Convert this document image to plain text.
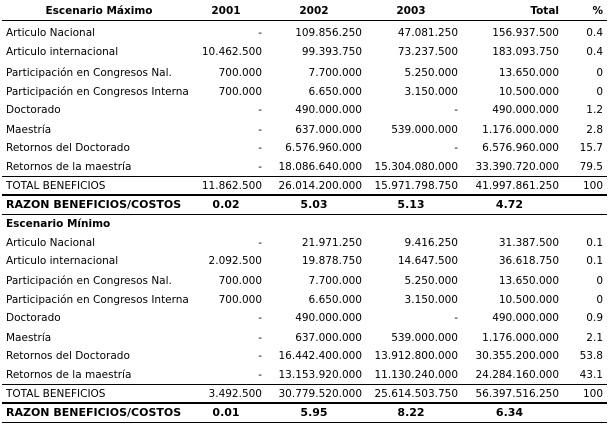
Escenario Máximo	2001	2002	2003	Total	%
Articulo Nacional	-	109.856.250	47.081.250	156.937.500	0.4
Articulo internacional	10.462.500	99.393.750	73.237.500	183.093.750	0.4
Participación en Congresos Nal.	700.000	7.700.000	5.250.000	13.650.000	0
Participación en Congresos Interna	700.000	6.650.000	3.150.000	10.500.000	0
Doctorado	-	490.000.000	-	490.000.000	1.2
Maestría	-	637.000.000	539.000.000	1.176.000.000	2.8
Retornos del Doctorado	-	6.576.960.000	-	6.576.960.000	15.7
Retornos de la maestría	-	18.086.640.000	15.304.080.000	33.390.720.000	79.5
TOTAL BENEFICIOS	11.862.500	26.014.200.000	15.971.798.750	41.997.861.250	100
RAZON BENEFICIOS/COSTOS	0.02	5.03	5.13	4.72
Escenario Mínimo
Articulo Nacional	-	21.971.250	9.416.250	31.387.500	0.1
Articulo internacional	2.092.500	19.878.750	14.647.500	36.618.750	0.1
Participación en Congresos Nal.	700.000	7.700.000	5.250.000	13.650.000	0
Participación en Congresos Interna	700.000	6.650.000	3.150.000	10.500.000	0
Doctorado	-	490.000.000	-	490.000.000	0.9
Maestría	-	637.000.000	539.000.000	1.176.000.000	2.1
Retornos del Doctorado	-	16.442.400.000	13.912.800.000	30.355.200.000	53.8
Retornos de la maestría	-	13.153.920.000	11.130.240.000	24.284.160.000	43.1
TOTAL BENEFICIOS	3.492.500	30.779.520.000	25.614.503.750	56.397.516.250	100
RAZON BENEFICIOS/COSTOS	0.01	5.95	8.22	6.34
